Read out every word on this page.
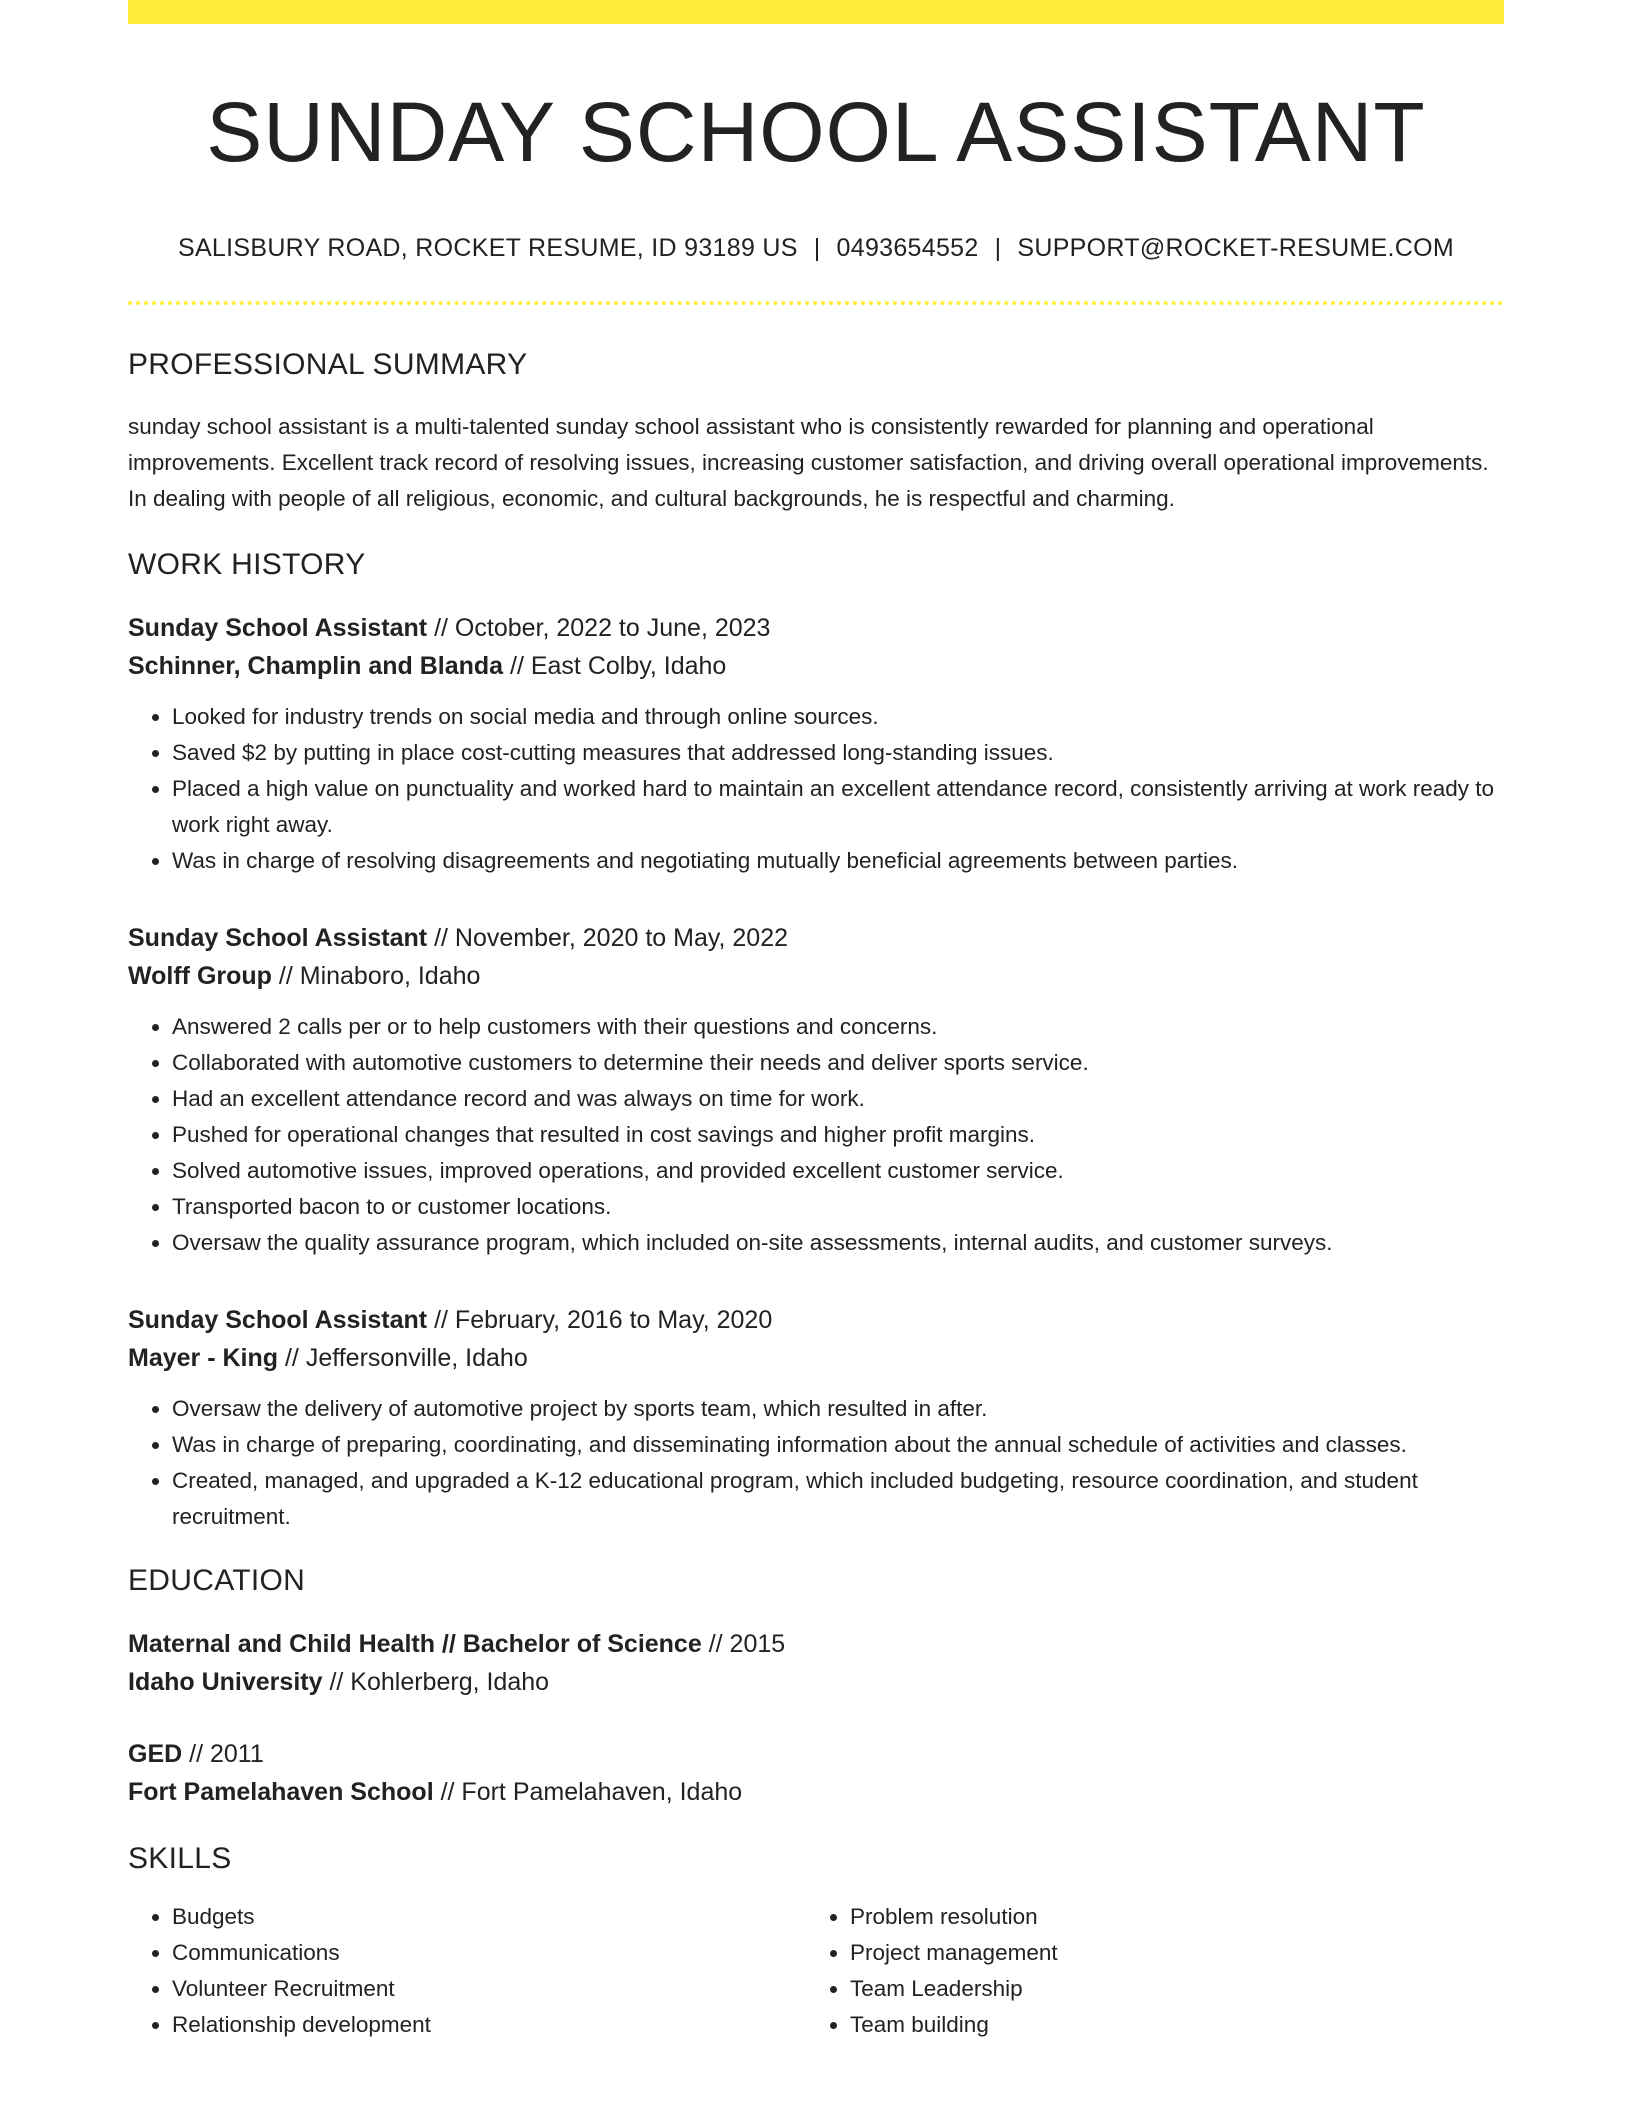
SUNDAY SCHOOL ASSISTANT
SALISBURY ROAD, ROCKET RESUME, ID 93189 US | 0493654552 | SUPPORT@ROCKET-RESUME.COM
PROFESSIONAL SUMMARY

sunday school assistant is a multi-talented sunday school assistant who is consistently rewarded for planning and operational improvements. Excellent track record of resolving issues, increasing customer satisfaction, and driving overall operational improvements. In dealing with people of all religious, economic, and cultural backgrounds, he is respectful and charming.

WORK HISTORY
Sunday School Assistant // October, 2022 to June, 2023
Schinner, Champlin and Blanda // East Colby, Idaho
• Looked for industry trends on social media and through online sources.
• Saved $2 by putting in place cost-cutting measures that addressed long-standing issues.
• Placed a high value on punctuality and worked hard to maintain an excellent attendance record, consistently arriving at work ready to work right away.
• Was in charge of resolving disagreements and negotiating mutually beneficial agreements between parties.
Sunday School Assistant // November, 2020 to May, 2022
Wolff Group // Minaboro, Idaho
• Answered 2 calls per or to help customers with their questions and concerns.
• Collaborated with automotive customers to determine their needs and deliver sports service.
• Had an excellent attendance record and was always on time for work.
• Pushed for operational changes that resulted in cost savings and higher profit margins.
• Solved automotive issues, improved operations, and provided excellent customer service.
• Transported bacon to or customer locations.
• Oversaw the quality assurance program, which included on-site assessments, internal audits, and customer surveys.
Sunday School Assistant // February, 2016 to May, 2020
Mayer - King // Jeffersonville, Idaho
• Oversaw the delivery of automotive project by sports team, which resulted in after.
• Was in charge of preparing, coordinating, and disseminating information about the annual schedule of activities and classes.
• Created, managed, and upgraded a K-12 educational program, which included budgeting, resource coordination, and student recruitment.
EDUCATION
Maternal and Child Health // Bachelor of Science // 2015
Idaho University // Kohlerberg, Idaho
GED // 2011
Fort Pamelahaven School // Fort Pamelahaven, Idaho
SKILLS
• Budgets
• Communications
• Volunteer Recruitment
• Relationship development
• Problem resolution
• Project management
• Team Leadership
• Team building
